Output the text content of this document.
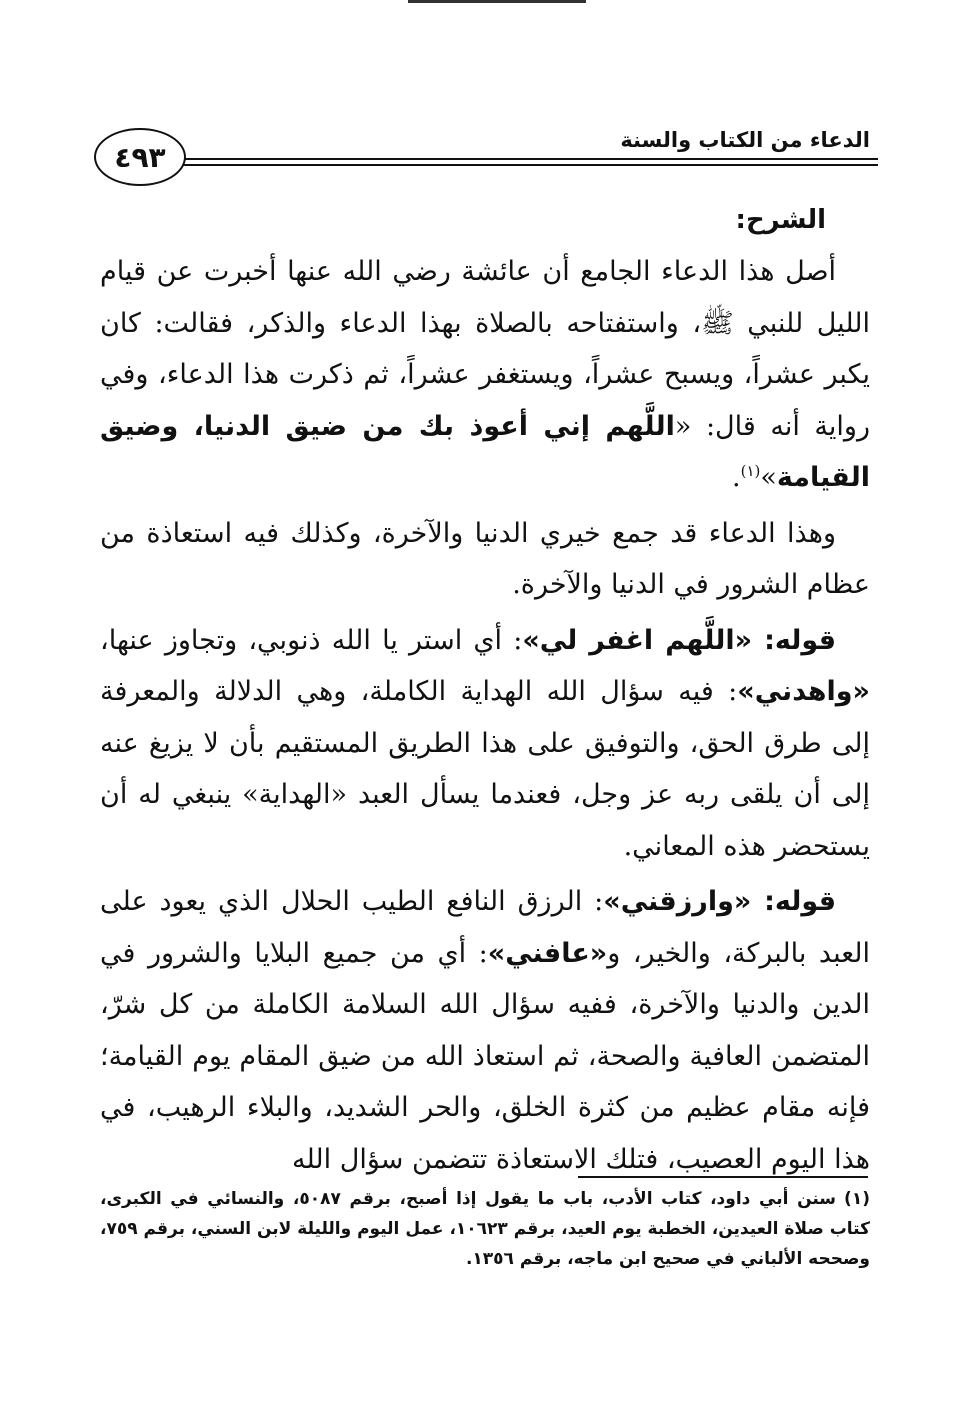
الدعاء من الكتاب والسنة
٤٩٣
الشرح:

أصل هذا الدعاء الجامع أن عائشة رضي الله عنها أخبرت عن قيام الليل للنبي ﷺ، واستفتاحه بالصلاة بهذا الدعاء والذكر، فقالت: كان يكبر عشراً، ويسبح عشراً، ويستغفر عشراً، ثم ذكرت هذا الدعاء، وفي رواية أنه قال: «اللَّهم إني أعوذ بك من ضيق الدنيا، وضيق القيامة»$^{(١)}$.

وهذا الدعاء قد جمع خيري الدنيا والآخرة، وكذلك فيه استعاذة من عظام الشرور في الدنيا والآخرة.

قوله: «اللَّهم اغفر لي»: أي استر يا الله ذنوبي، وتجاوز عنها، «واهدني»: فيه سؤال الله الهداية الكاملة، وهي الدلالة والمعرفة إلى طرق الحق، والتوفيق على هذا الطريق المستقيم بأن لا يزيغ عنه إلى أن يلقى ربه عز وجل، فعندما يسأل العبد «الهداية» ينبغي له أن يستحضر هذه المعاني.

قوله: «وارزقني»: الرزق النافع الطيب الحلال الذي يعود على العبد بالبركة، والخير، و«عافني»: أي من جميع البلايا والشرور في الدين والدنيا والآخرة، ففيه سؤال الله السلامة الكاملة من كل شرّ، المتضمن العافية والصحة، ثم استعاذ الله من ضيق المقام يوم القيامة؛ فإنه مقام عظيم من كثرة الخلق، والحر الشديد، والبلاء الرهيب، في هذا اليوم العصيب، فتلك الاستعاذة تتضمن سؤال الله

(١)سنن أبي داود، كتاب الأدب، باب ما يقول إذا أصبح، برقم ٥٠٨٧، والنسائي في الكبرى، كتاب صلاة العيدين، الخطبة يوم العيد، برقم ١٠٦٢٣، عمل اليوم والليلة لابن السني، برقم ٧٥٩، وصححه الألباني في صحيح ابن ماجه، برقم ١٣٥٦.
